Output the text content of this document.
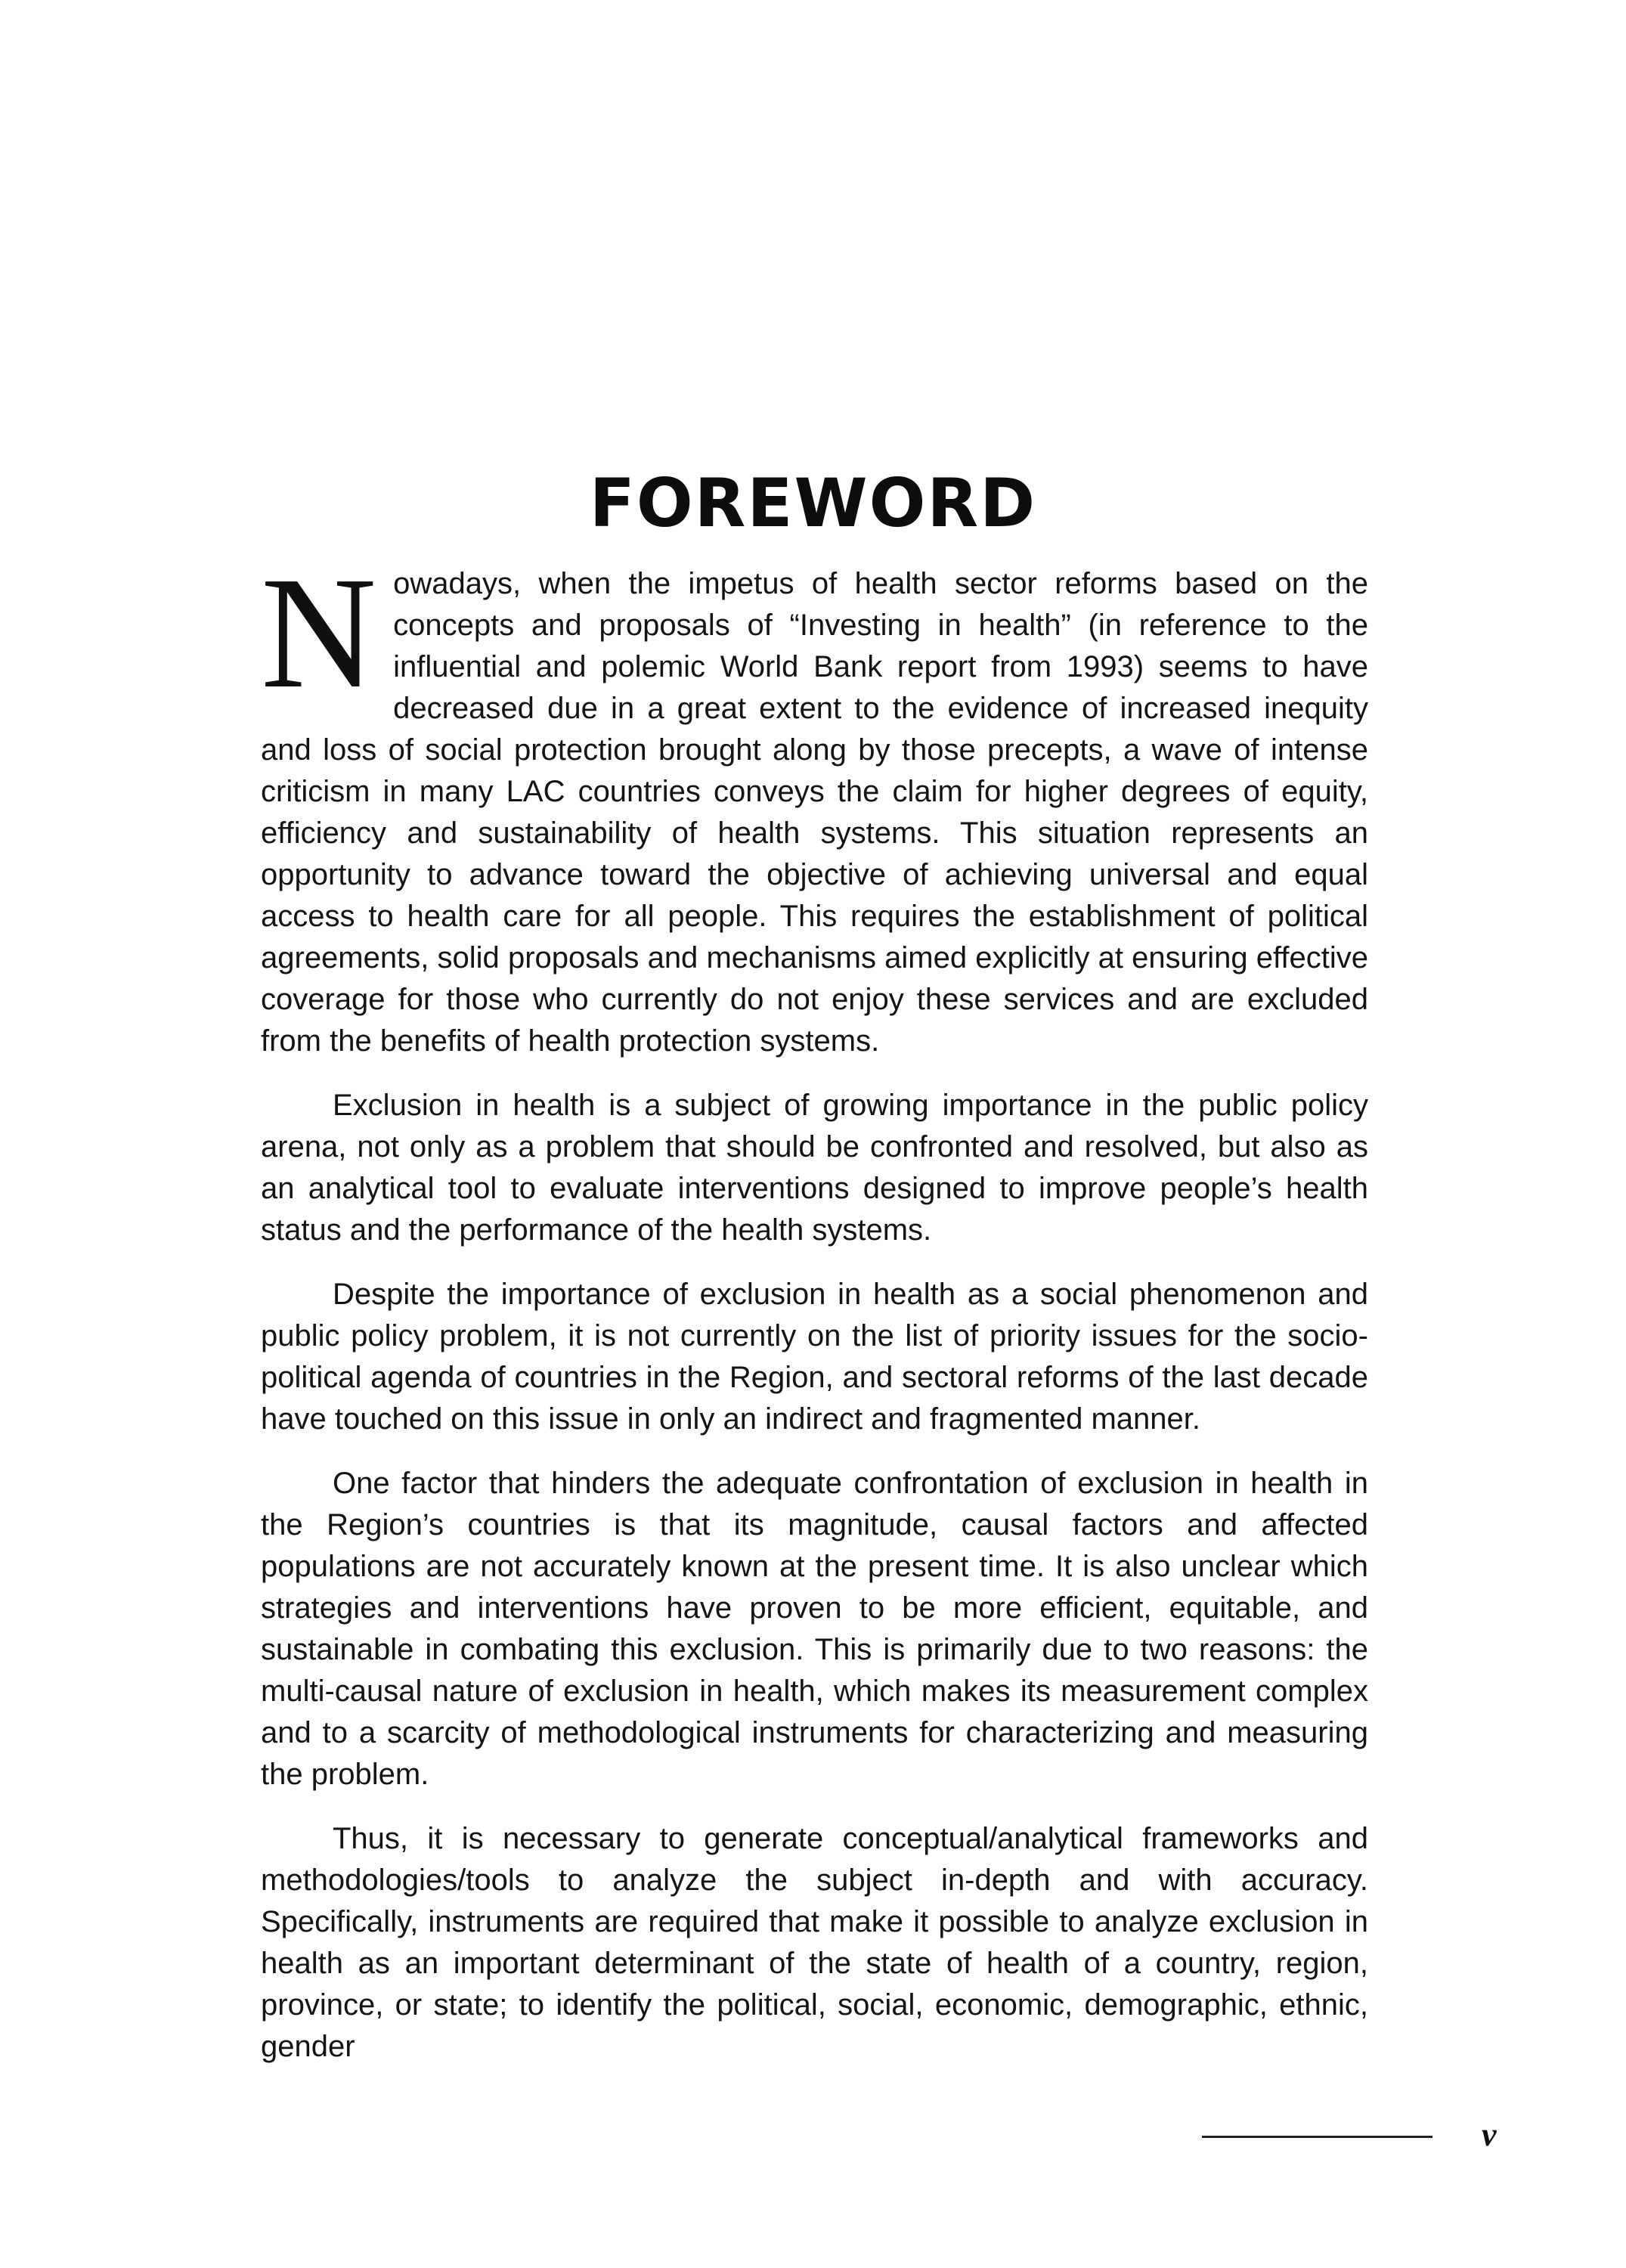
FOREWORD

Nowadays, when the impetus of health sector reforms based on the concepts and proposals of “Investing in health” (in reference to the influential and polemic World Bank report from 1993) seems to have decreased due in a great extent to the evidence of increased inequity and loss of social protection brought along by those precepts, a wave of intense criticism in many LAC countries conveys the claim for higher degrees of equity, efficiency and sustainability of health systems. This situation represents an opportunity to advance toward the objective of achieving universal and equal access to health care for all people. This requires the establishment of political agreements, solid proposals and mechanisms aimed explicitly at ensuring effective coverage for those who currently do not enjoy these services and are excluded from the benefits of health protection systems.

Exclusion in health is a subject of growing importance in the public policy arena, not only as a problem that should be confronted and resolved, but also as an analytical tool to evaluate interventions designed to improve people’s health status and the performance of the health systems.

Despite the importance of exclusion in health as a social phenomenon and public policy problem, it is not currently on the list of priority issues for the socio-political agenda of countries in the Region, and sectoral reforms of the last decade have touched on this issue in only an indirect and fragmented manner.

One factor that hinders the adequate confrontation of exclusion in health in the Region’s countries is that its magnitude, causal factors and affected populations are not accurately known at the present time. It is also unclear which strategies and interventions have proven to be more efficient, equitable, and sustainable in combating this exclusion. This is primarily due to two reasons: the multi-causal nature of exclusion in health, which makes its measurement complex and to a scarcity of methodological instruments for characterizing and measuring the problem.

Thus, it is necessary to generate conceptual/analytical frameworks and methodologies/tools to analyze the subject in-depth and with accuracy. Specifically, instruments are required that make it possible to analyze exclusion in health as an important determinant of the state of health of a country, region, province, or state; to identify the political, social, economic, demographic, ethnic, gender

v
